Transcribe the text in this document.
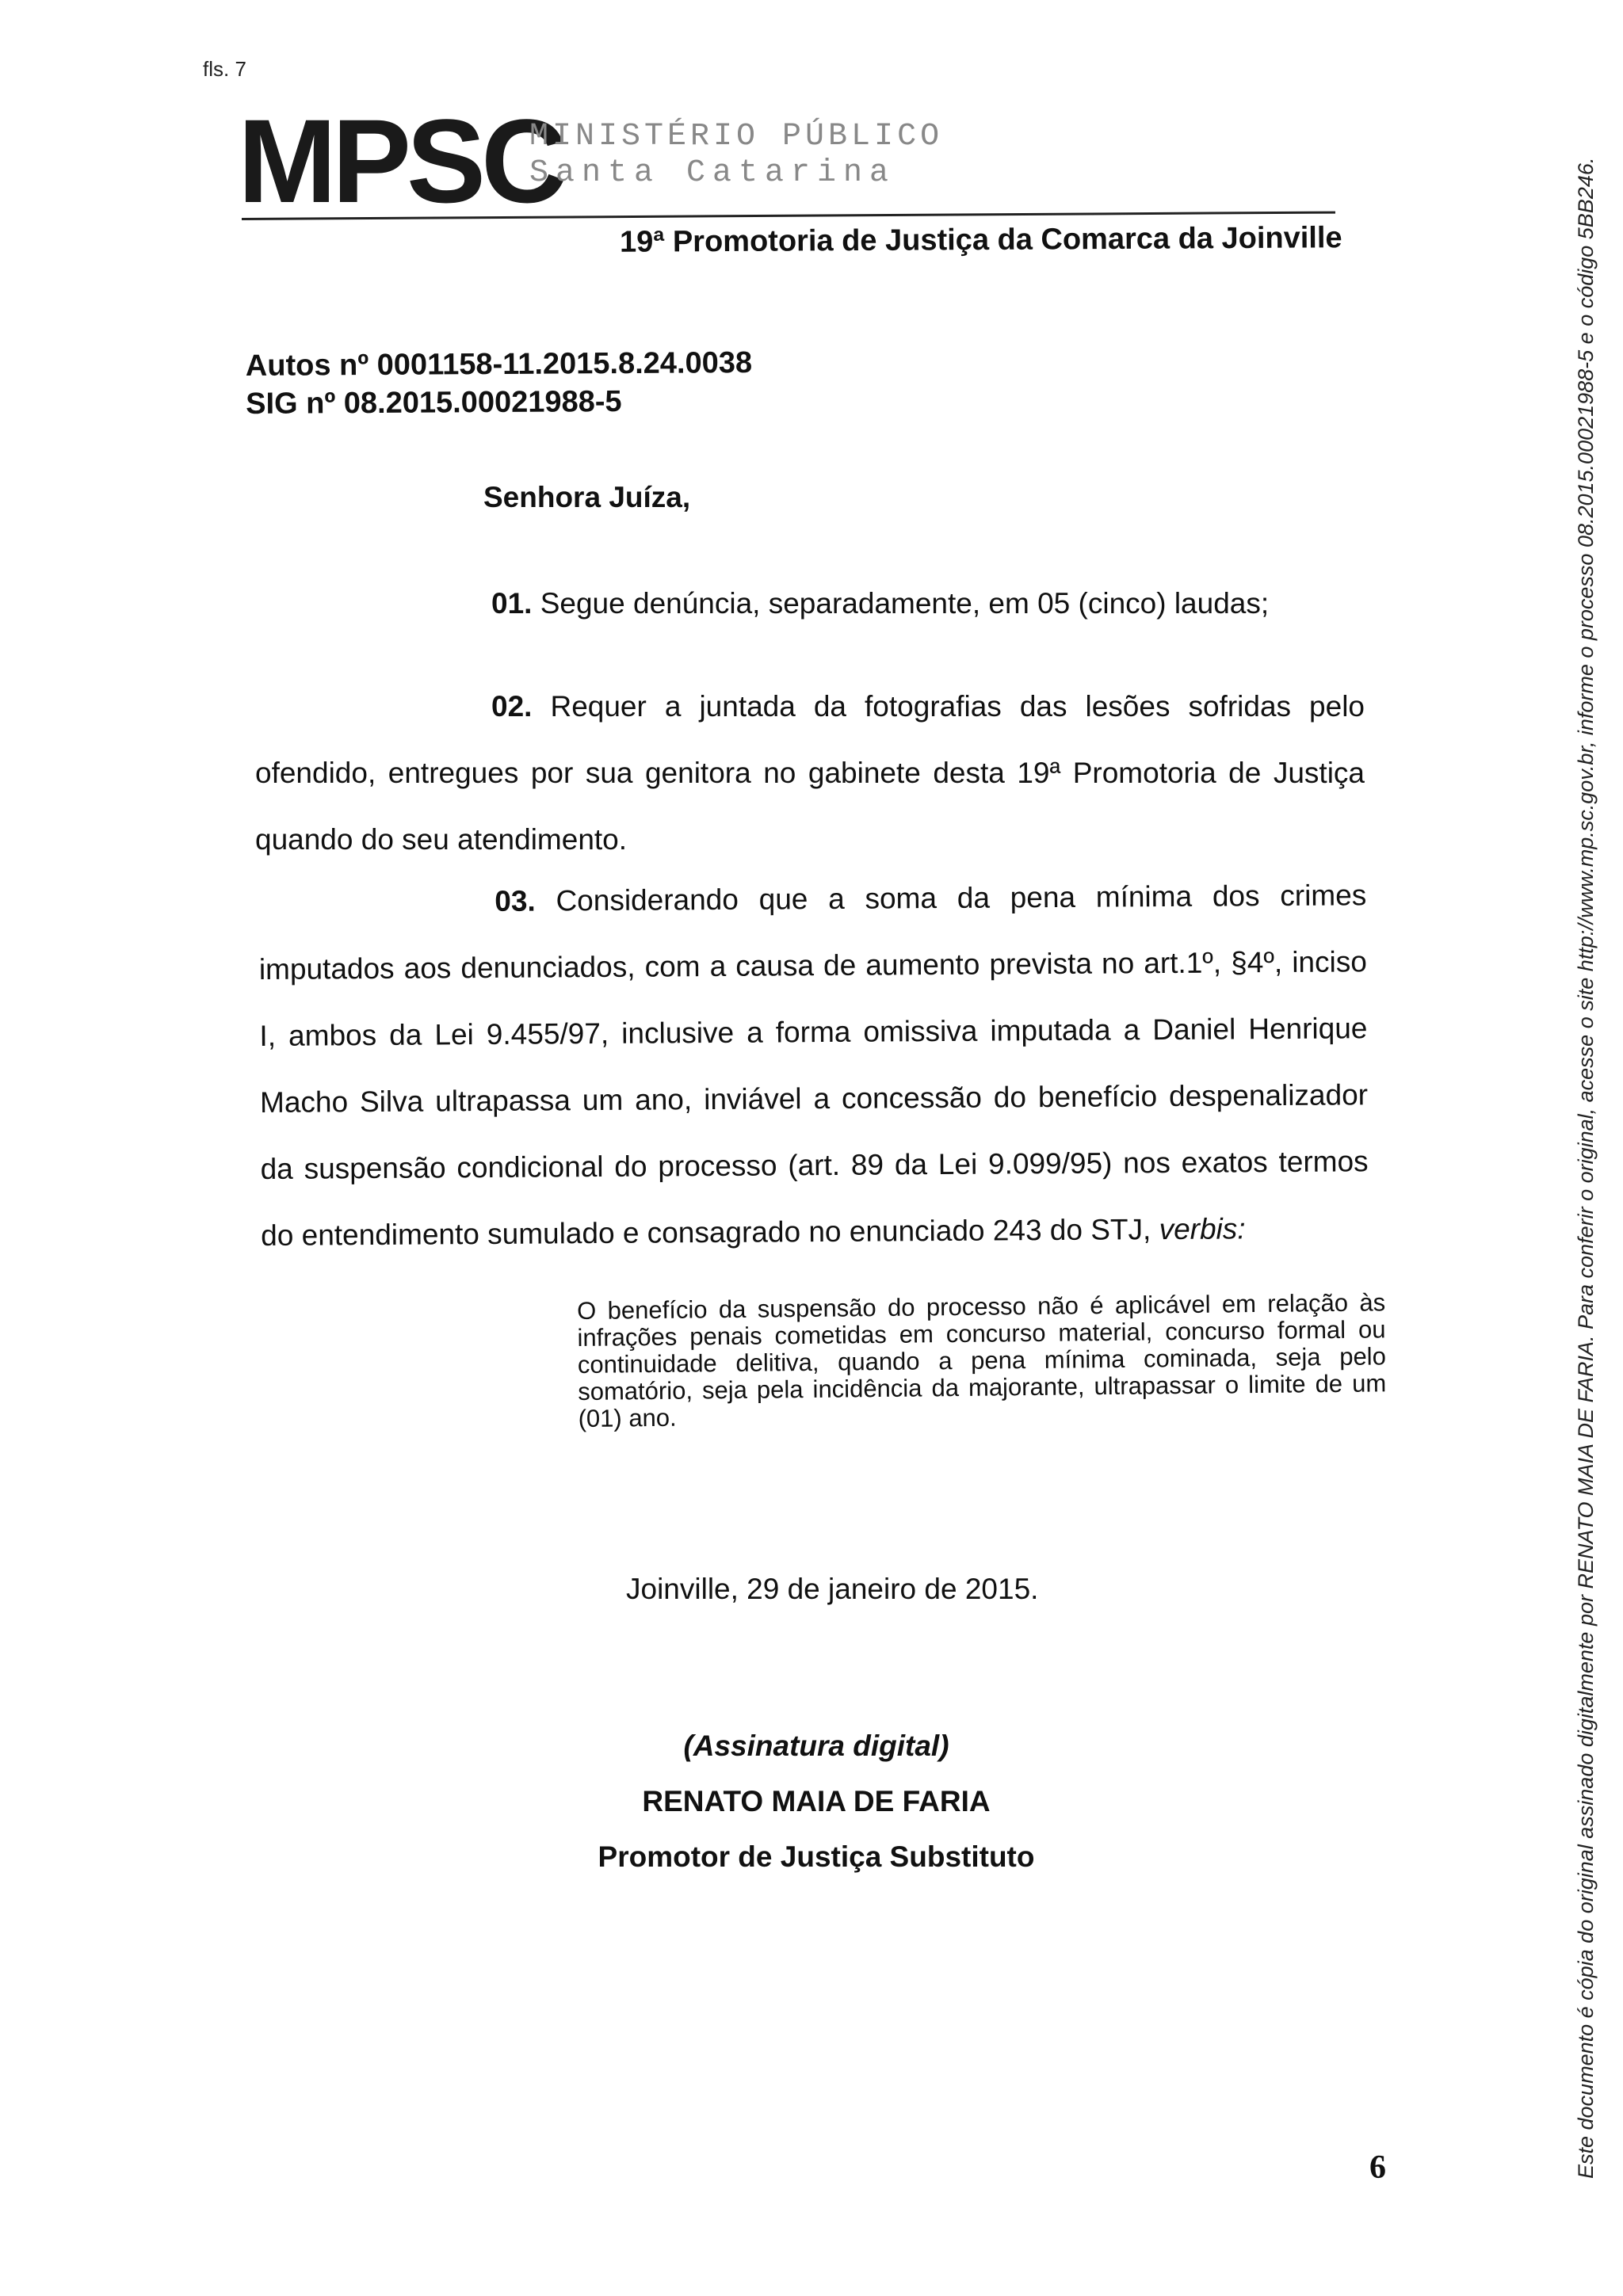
fls. 7
MPSC
MINISTÉRIO PÚBLICO
Santa Catarina
19ª Promotoria de Justiça da Comarca da Joinville
Autos nº 0001158-11.2015.8.24.0038
SIG nº 08.2015.00021988-5
Senhora Juíza,
01. Segue denúncia, separadamente, em 05 (cinco) laudas;
02. Requer a juntada da fotografias das lesões sofridas pelo ofendido, entregues por sua genitora no gabinete desta 19ª Promotoria de Justiça quando do seu atendimento.
03. Considerando que a soma da pena mínima dos crimes imputados aos denunciados, com a causa de aumento prevista no art.1º, §4º, inciso I, ambos da Lei 9.455/97, inclusive a forma omissiva imputada a Daniel Henrique Macho Silva ultrapassa um ano, inviável a concessão do benefício despenalizador da suspensão condicional do processo (art. 89 da Lei 9.099/95) nos exatos termos do entendimento sumulado e consagrado no enunciado 243 do STJ, verbis:
O benefício da suspensão do processo não é aplicável em relação às infrações penais cometidas em concurso material, concurso formal ou continuidade delitiva, quando a pena mínima cominada, seja pelo somatório, seja pela incidência da majorante, ultrapassar o limite de um (01) ano.
Joinville, 29 de janeiro de 2015.
(Assinatura digital)
RENATO MAIA DE FARIA
Promotor de Justiça Substituto
6	Este documento é cópia do original assinado digitalmente por RENATO MAIA DE FARIA. Para conferir o original, acesse o site http://www.mp.sc.gov.br, informe o processo 08.2015.00021988-5 e o código 5BB246.
